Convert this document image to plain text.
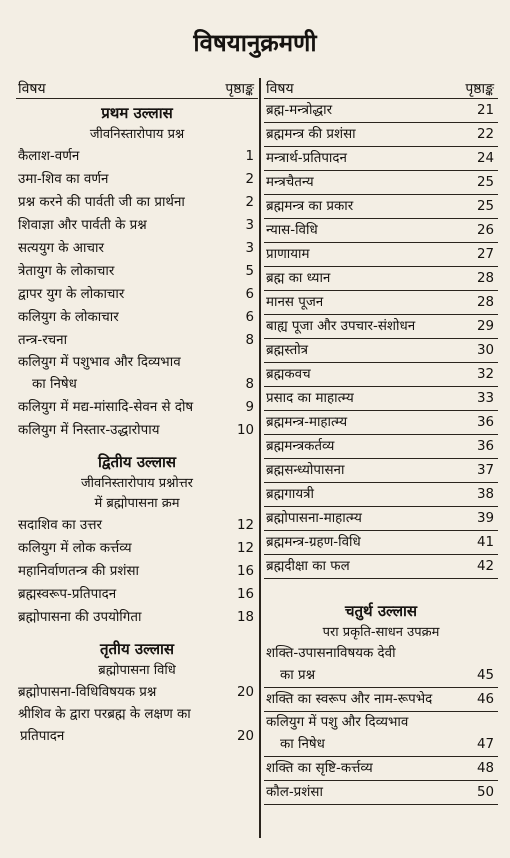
विषयानुक्रमणी
विषय	पृष्ठाङ्क
प्रथम उल्लास
जीवनिस्तारोपाय प्रश्न
कैलाश-वर्णन	1
उमा-शिव का वर्णन	2
प्रश्न करने की पार्वती जी का प्रार्थना	2
शिवाज्ञा और पार्वती के प्रश्न	3
सत्ययुग के आचार	3
त्रेतायुग के लोकाचार	5
द्वापर युग के लोकाचार	6
कलियुग के लोकाचार	6
तन्त्र-रचना	8
कलियुग में पशुभाव और दिव्यभाव
का निषेध	8
कलियुग में मद्य-मांसादि-सेवन से दोष	9
कलियुग में निस्तार-उद्धारोपाय	10
द्वितीय उल्लास
जीवनिस्तारोपाय प्रश्नोत्तर
में ब्रह्मोपासना क्रम
सदाशिव का उत्तर	12
कलियुग में लोक कर्त्तव्य	12
महानिर्वाणतन्त्र की प्रशंसा	16
ब्रह्मस्वरूप-प्रतिपादन	16
ब्रह्मोपासना की उपयोगिता	18
तृतीय उल्लास
ब्रह्मोपासना विधि
ब्रह्मोपासना-विधिविषयक प्रश्न	20
श्रीशिव के द्वारा परब्रह्म के लक्षण का
प्रतिपादन	20
विषय	पृष्ठाङ्क
ब्रह्म-मन्त्रोद्धार	21
ब्रह्ममन्त्र की प्रशंसा	22
मन्त्रार्थ-प्रतिपादन	24
मन्त्रचैतन्य	25
ब्रह्ममन्त्र का प्रकार	25
न्यास-विधि	26
प्राणायाम	27
ब्रह्म का ध्यान	28
मानस पूजन	28
बाह्य पूजा और उपचार-संशोधन	29
ब्रह्मस्तोत्र	30
ब्रह्मकवच	32
प्रसाद का माहात्म्य	33
ब्रह्ममन्त्र-माहात्म्य	36
ब्रह्ममन्त्रकर्तव्य	36
ब्रह्मसन्ध्योपासना	37
ब्रह्मगायत्री	38
ब्रह्मोपासना-माहात्म्य	39
ब्रह्ममन्त्र-ग्रहण-विधि	41
ब्रह्मदीक्षा का फल	42
चतुर्थ उल्लास
परा प्रकृति-साधन उपक्रम
शक्ति-उपासनाविषयक देवी
का प्रश्न	45
शक्ति का स्वरूप और नाम-रूपभेद	46
कलियुग में पशु और दिव्यभाव
का निषेध	47
शक्ति का सृष्टि-कर्त्तव्य	48
कौल-प्रशंसा	50
